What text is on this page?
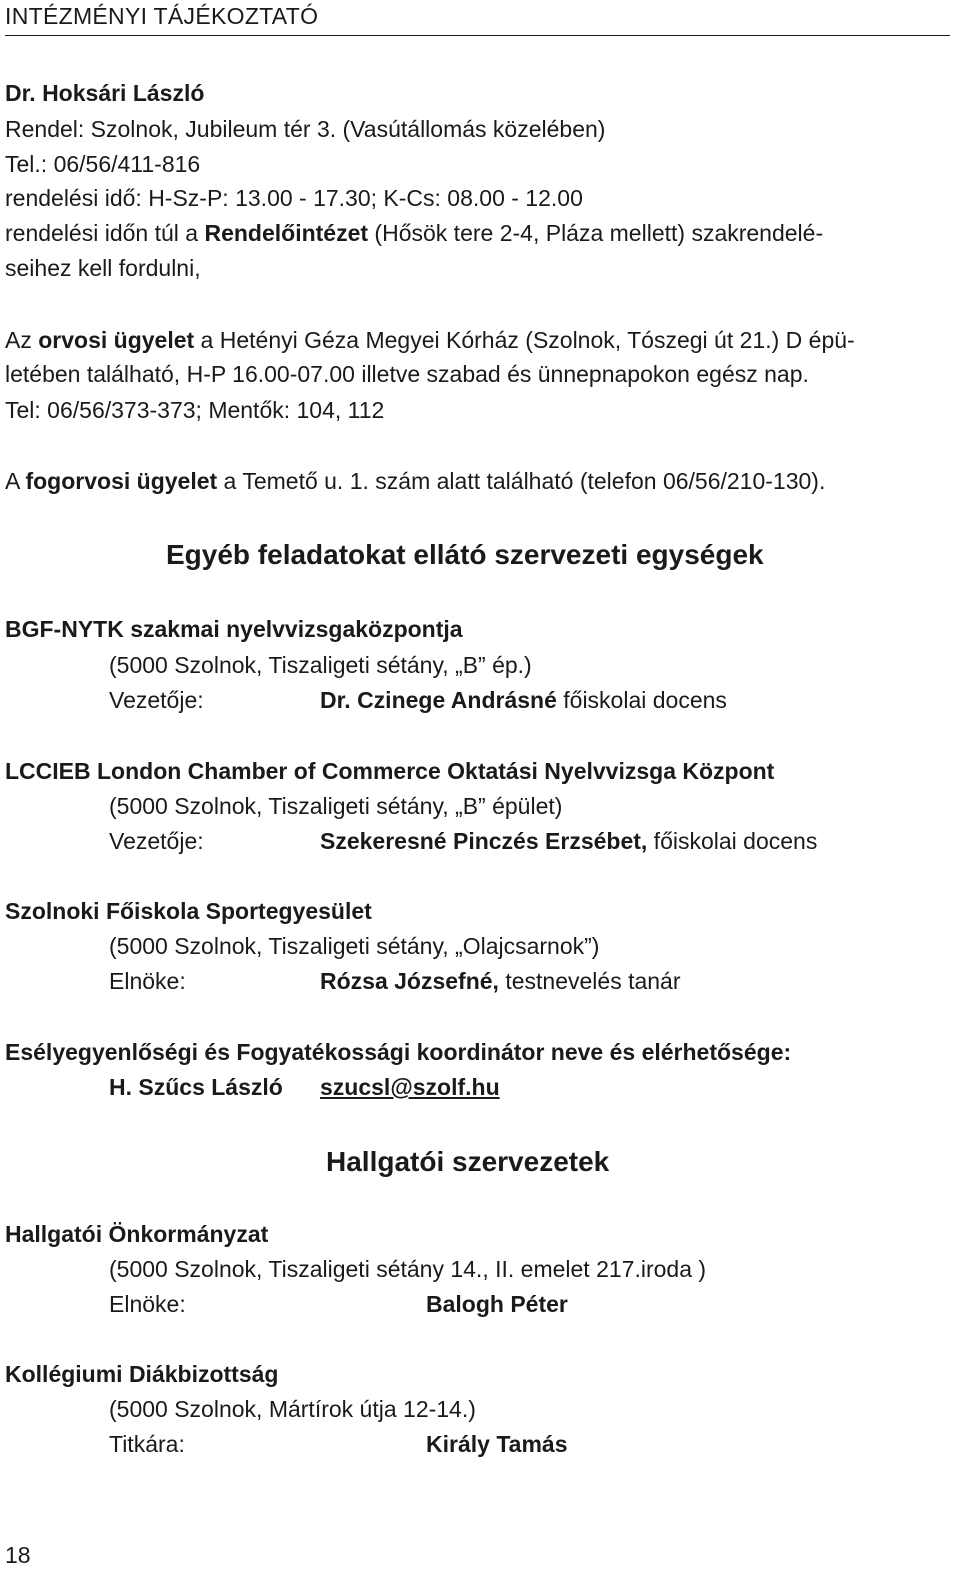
INTÉZMÉNYI TÁJÉKOZTATÓ
Dr. Hoksári László
Rendel: Szolnok, Jubileum tér 3. (Vasútállomás közelében)
Tel.: 06/56/411-816
rendelési idő: H-Sz-P: 13.00 - 17.30; K-Cs: 08.00 - 12.00
rendelési időn túl a Rendelőintézet (Hősök tere 2-4, Pláza mellett) szakrendelé-
seihez kell fordulni,
Az orvosi ügyelet a Hetényi Géza Megyei Kórház (Szolnok, Tószegi út 21.) D épü-
letében található, H-P 16.00-07.00 illetve szabad és ünnepnapokon egész nap.
Tel: 06/56/373-373; Mentők: 104, 112
A fogorvosi ügyelet a Temető u. 1. szám alatt található (telefon 06/56/210-130).
Egyéb feladatokat ellátó szervezeti egységek
BGF-NYTK szakmai nyelvvizsgaközpontja
(5000 Szolnok, Tiszaligeti sétány, „B” ép.)
Vezetője:	Dr. Czinege Andrásné főiskolai docens
LCCIEB London Chamber of Commerce Oktatási Nyelvvizsga Központ
(5000 Szolnok, Tiszaligeti sétány, „B” épület)
Vezetője:	Szekeresné Pinczés Erzsébet, főiskolai docens
Szolnoki Főiskola Sportegyesület
(5000 Szolnok, Tiszaligeti sétány, „Olajcsarnok”)
Elnöke:	Rózsa Józsefné, testnevelés tanár
Esélyegyenlőségi és Fogyatékossági koordinátor neve és elérhetősége:
H. Szűcs László szucsl@szolf.hu
Hallgatói szervezetek
Hallgatói Önkormányzat
(5000 Szolnok, Tiszaligeti sétány 14., II. emelet 217.iroda )
Elnöke:	Balogh Péter
Kollégiumi Diákbizottság
(5000 Szolnok, Mártírok útja 12-14.)
Titkára:	Király Tamás
18
